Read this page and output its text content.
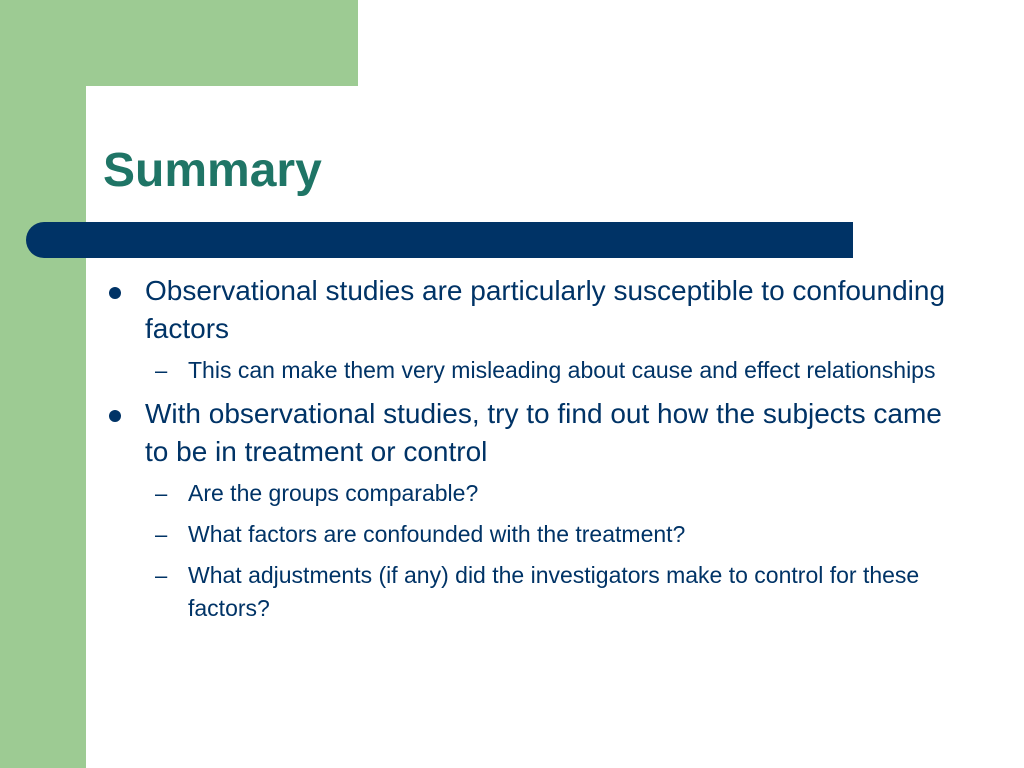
Summary
Observational studies are particularly susceptible to confounding factors
– This can make them very misleading about cause and effect relationships
With observational studies, try to find out how the subjects came to be in treatment or control
– Are the groups comparable?
– What factors are confounded with the treatment?
– What adjustments (if any) did the investigators make to control for these factors?
